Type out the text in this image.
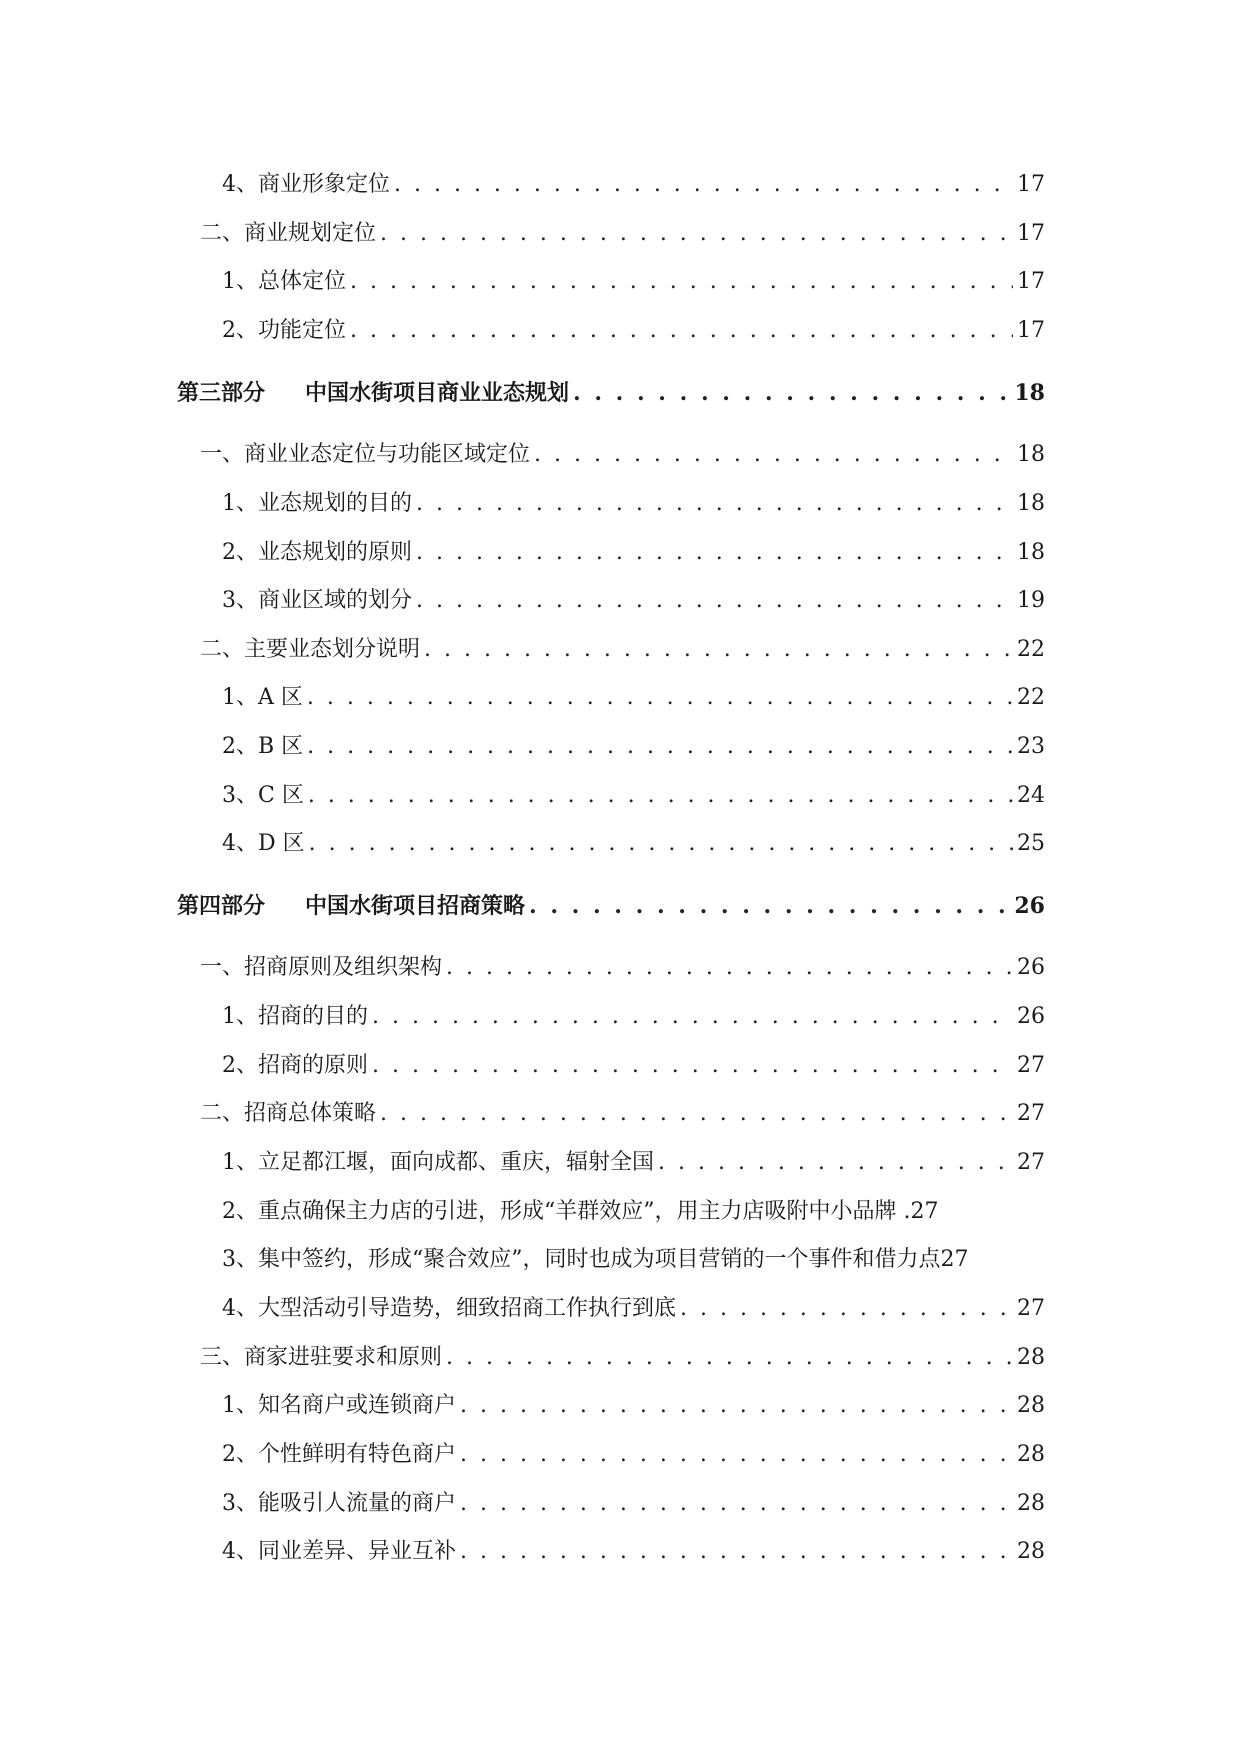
4、商业形象定位 . . .	17
二、商业规划定位 . . .	17
1、总体定位 . . .	17
2、功能定位 . . .	17
第三部分 中国水街项目商业业态规划 . . .	18
一、商业业态定位与功能区域定位 . . .	18
1、业态规划的目的 . . .	18
2、业态规划的原则 . . .	18
3、商业区域的划分 . . .	19
二、主要业态划分说明 . . .	22
1、A 区 . . .	22
2、B 区 . . .	23
3、C 区 . . .	24
4、D 区 . . .	25
第四部分 中国水街项目招商策略 . . .	26
一、招商原则及组织架构 . . .	26
1、招商的目的 . . .	26
2、招商的原则 . . .	27
二、招商总体策略 . . .	27
1、立足都江堰，面向成都、重庆，辐射全国 . . .	27
2、重点确保主力店的引进，形成“羊群效应”，用主力店吸附中小品牌 . 27
3、集中签约，形成“聚合效应”，同时也成为项目营销的一个事件和借力点 27
4、大型活动引导造势，细致招商工作执行到底 . . .	27
三、商家进驻要求和原则 . . .	28
1、知名商户或连锁商户 . . .	28
2、个性鲜明有特色商户 . . .	28
3、能吸引人流量的商户 . . .	28
4、同业差异、异业互补 . . .	28
